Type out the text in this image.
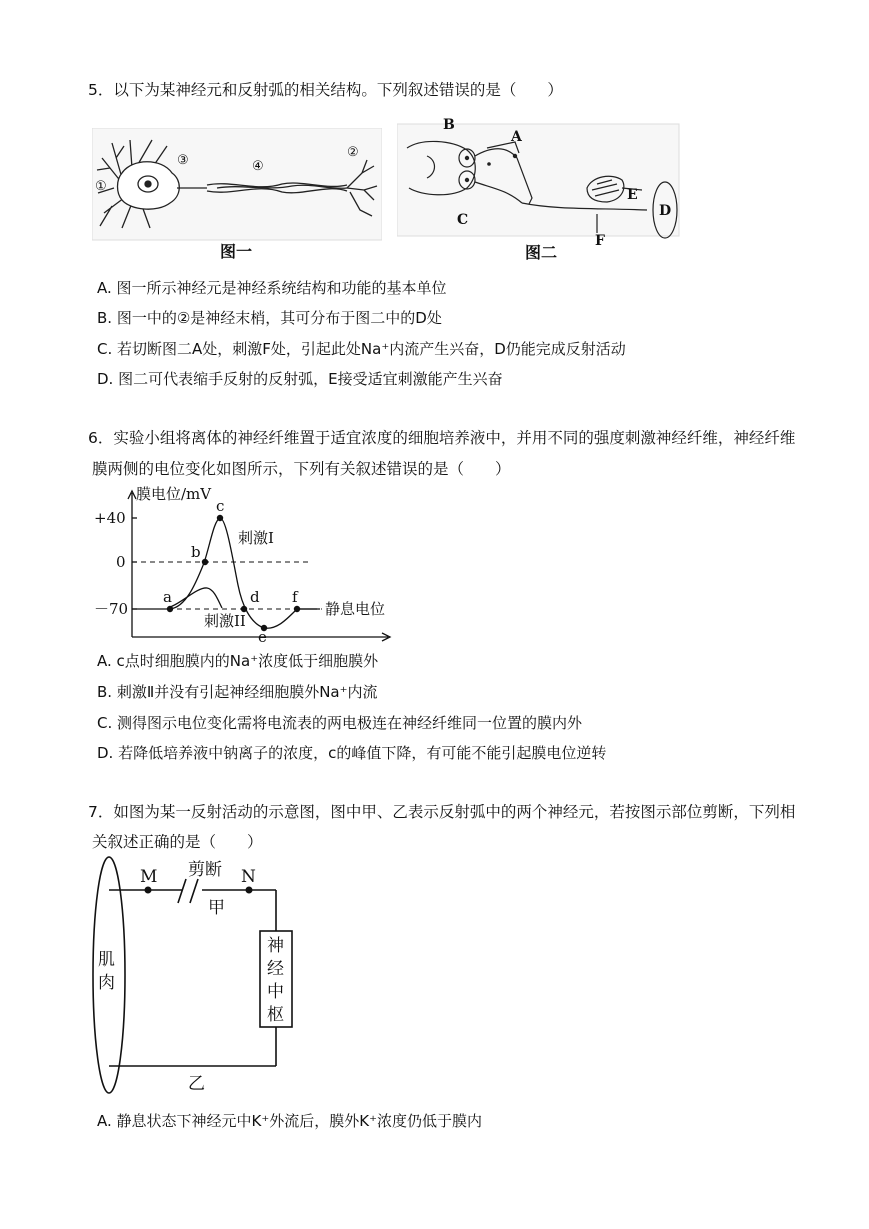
5．以下为某神经元和反射弧的相关结构。下列叙述错误的是（　　）
①
③	④
②
图一
B
A
C
E
D
F
图二
A. 图一所示神经元是神经系统结构和功能的基本单位
B. 图一中的②是神经末梢，其可分布于图二中的D处
C. 若切断图二A处，刺激F处，引起此处Na⁺内流产生兴奋，D仍能完成反射活动
D. 图二可代表缩手反射的反射弧，E接受适宜刺激能产生兴奋
6．实验小组将离体的神经纤维置于适宜浓度的细胞培养液中，并用不同的强度刺激神经纤维，神经纤维
膜两侧的电位变化如图所示，下列有关叙述错误的是（　　）
膜电位/mV
+40
0
－70
a
b
c
d
e
f
刺激I
刺激II
静息电位
A. c点时细胞膜内的Na⁺浓度低于细胞膜外
B. 刺激Ⅱ并没有引起神经细胞膜外Na⁺内流
C. 测得图示电位变化需将电流表的两电极连在神经纤维同一位置的膜内外
D. 若降低培养液中钠离子的浓度，c的峰值下降，有可能不能引起膜电位逆转
7．如图为某一反射活动的示意图，图中甲、乙表示反射弧中的两个神经元，若按图示部位剪断，下列相
关叙述正确的是（　　）
M	N
剪断
甲
乙
肌
肉
神
经
中
枢
A. 静息状态下神经元中K⁺外流后，膜外K⁺浓度仍低于膜内
